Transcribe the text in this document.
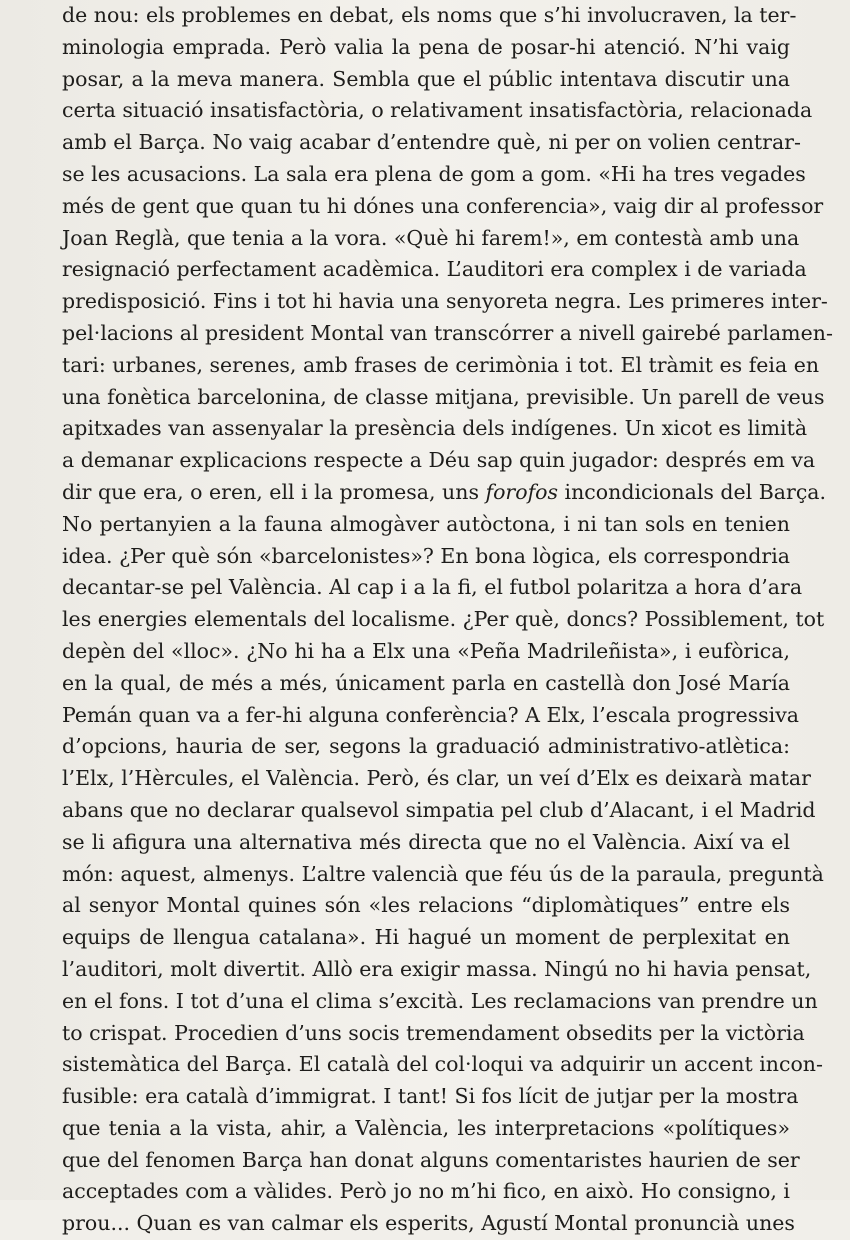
de nou: els problemes en debat, els noms que s’hi involucraven, la ter-
minologia emprada. Però valia la pena de posar-hi atenció. N’hi vaig
posar, a la meva manera. Sembla que el públic intentava discutir una
certa situació insatisfactòria, o relativament insatisfactòria, relacionada
amb el Barça. No vaig acabar d’entendre què, ni per on volien centrar-
se les acusacions. La sala era plena de gom a gom. «Hi ha tres vegades
més de gent que quan tu hi dónes una conferencia», vaig dir al professor
Joan Reglà, que tenia a la vora. «Què hi farem!», em contestà amb una
resignació perfectament acadèmica. L’auditori era complex i de variada
predisposició. Fins i tot hi havia una senyoreta negra. Les primeres inter-
pel·lacions al president Montal van transcórrer a nivell gairebé parlamen-
tari: urbanes, serenes, amb frases de cerimònia i tot. El tràmit es feia en
una fonètica barcelonina, de classe mitjana, previsible. Un parell de veus
apitxades van assenyalar la presència dels indígenes. Un xicot es limità
a demanar explicacions respecte a Déu sap quin jugador: després em va
dir que era, o eren, ell i la promesa, uns forofos incondicionals del Barça.
No pertanyien a la fauna almogàver autòctona, i ni tan sols en tenien
idea. ¿Per què són «barcelonistes»? En bona lògica, els correspondria
decantar-se pel València. Al cap i a la fi, el futbol polaritza a hora d’ara
les energies elementals del localisme. ¿Per què, doncs? Possiblement, tot
depèn del «lloc». ¿No hi ha a Elx una «Peña Madrileñista», i eufòrica,
en la qual, de més a més, únicament parla en castellà don José María
Pemán quan va a fer-hi alguna conferència? A Elx, l’escala progressiva
d’opcions, hauria de ser, segons la graduació administrativo-atlètica:
l’Elx, l’Hèrcules, el València. Però, és clar, un veí d’Elx es deixarà matar
abans que no declarar qualsevol simpatia pel club d’Alacant, i el Madrid
se li afigura una alternativa més directa que no el València. Així va el
món: aquest, almenys. L’altre valencià que féu ús de la paraula, preguntà
al senyor Montal quines són «les relacions “diplomàtiques” entre els
equips de llengua catalana». Hi hagué un moment de perplexitat en
l’auditori, molt divertit. Allò era exigir massa. Ningú no hi havia pensat,
en el fons. I tot d’una el clima s’excità. Les reclamacions van prendre un
to crispat. Procedien d’uns socis tremendament obsedits per la victòria
sistemàtica del Barça. El català del col·loqui va adquirir un accent incon-
fusible: era català d’immigrat. I tant! Si fos lícit de jutjar per la mostra
que tenia a la vista, ahir, a València, les interpretacions «polítiques»
que del fenomen Barça han donat alguns comentaristes haurien de ser
acceptades com a vàlides. Però jo no m’hi fico, en això. Ho consigno, i
prou... Quan es van calmar els esperits, Agustí Montal pronuncià unes
